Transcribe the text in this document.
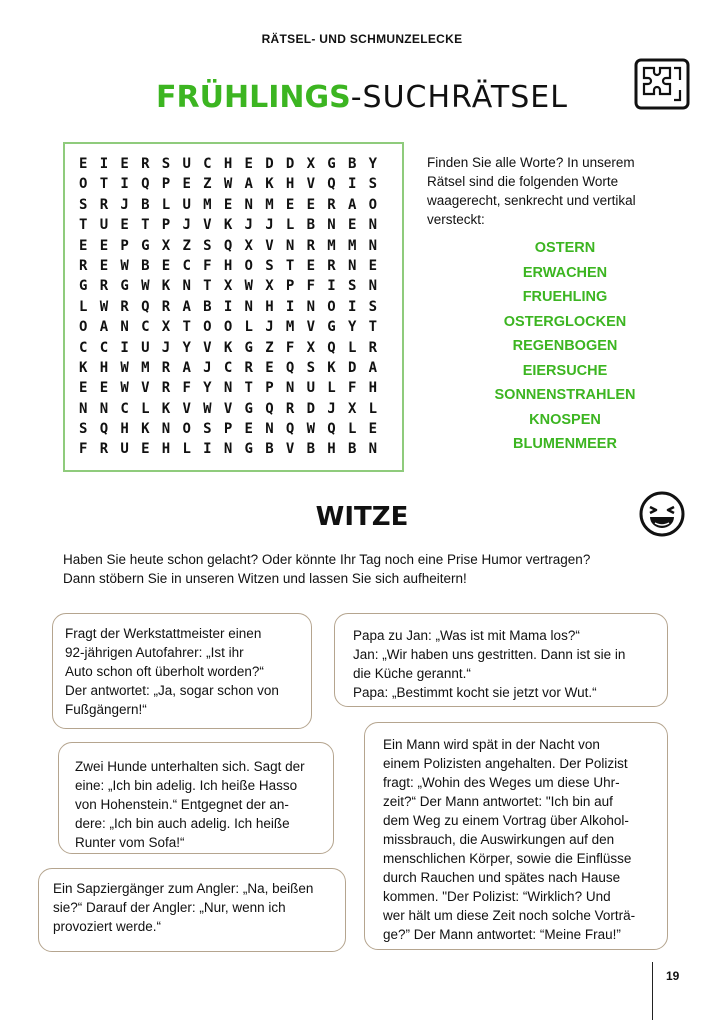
RÄTSEL- UND SCHMUNZELECKE
FRÜHLINGS-SUCHRÄTSEL
E I E R S U C H E D D X G B Y
O T I Q P E Z W A K H V Q I S
S R J B L U M E N M E E R A O
T U E T P J V K J J L B N E N
E E P G X Z S Q X V N R M M N
R E W B E C F H O S T E R N E
G R G W K N T X W X P F I S N
L W R Q R A B I N H I N O I S
O A N C X T O O L J M V G Y T
C C I U J Y V K G Z F X Q L R
K H W M R A J C R E Q S K D A
E E W V R F Y N T P N U L F H
N N C L K V W V G Q R D J X L
S Q H K N O S P E N Q W Q L E
F R U E H L I N G B V B H B N
Finden Sie alle Worte? In unserem
Rätsel sind die folgenden Worte
waagerecht, senkrecht und vertikal
versteckt:
OSTERN
ERWACHEN
FRUEHLING
OSTERGLOCKEN
REGENBOGEN
EIERSUCHE
SONNENSTRAHLEN
KNOSPEN
BLUMENMEER
WITZE
Haben Sie heute schon gelacht? Oder könnte Ihr Tag noch eine Prise Humor vertragen?
Dann stöbern Sie in unseren Witzen und lassen Sie sich aufheitern!

Fragt der Werkstattmeister einen

92-jährigen Autofahrer: „Ist ihr

Auto schon oft überholt worden?“

Der antwortet: „Ja, sogar schon von

Fußgängern!“

Papa zu Jan: „Was ist mit Mama los?“

Jan: „Wir haben uns gestritten. Dann ist sie in

die Küche gerannt.“

Papa: „Bestimmt kocht sie jetzt vor Wut.“

Zwei Hunde unterhalten sich. Sagt der

eine: „Ich bin adelig. Ich heiße Hasso

von Hohenstein.“ Entgegnet der an-

dere: „Ich bin auch adelig. Ich heiße

Runter vom Sofa!“

Ein Mann wird spät in der Nacht von

einem Polizisten angehalten. Der Polizist

fragt: „Wohin des Weges um diese Uhr-

zeit?“ Der Mann antwortet: "Ich bin auf

dem Weg zu einem Vortrag über Alkohol-

missbrauch, die Auswirkungen auf den

menschlichen Körper, sowie die Einflüsse

durch Rauchen und spätes nach Hause

kommen. "Der Polizist: “Wirklich? Und

wer hält um diese Zeit noch solche Vorträ-

ge?” Der Mann antwortet: “Meine Frau!”

Ein Sapziergänger zum Angler: „Na, beißen

sie?“ Darauf der Angler: „Nur, wenn ich

provoziert werde.“

19
